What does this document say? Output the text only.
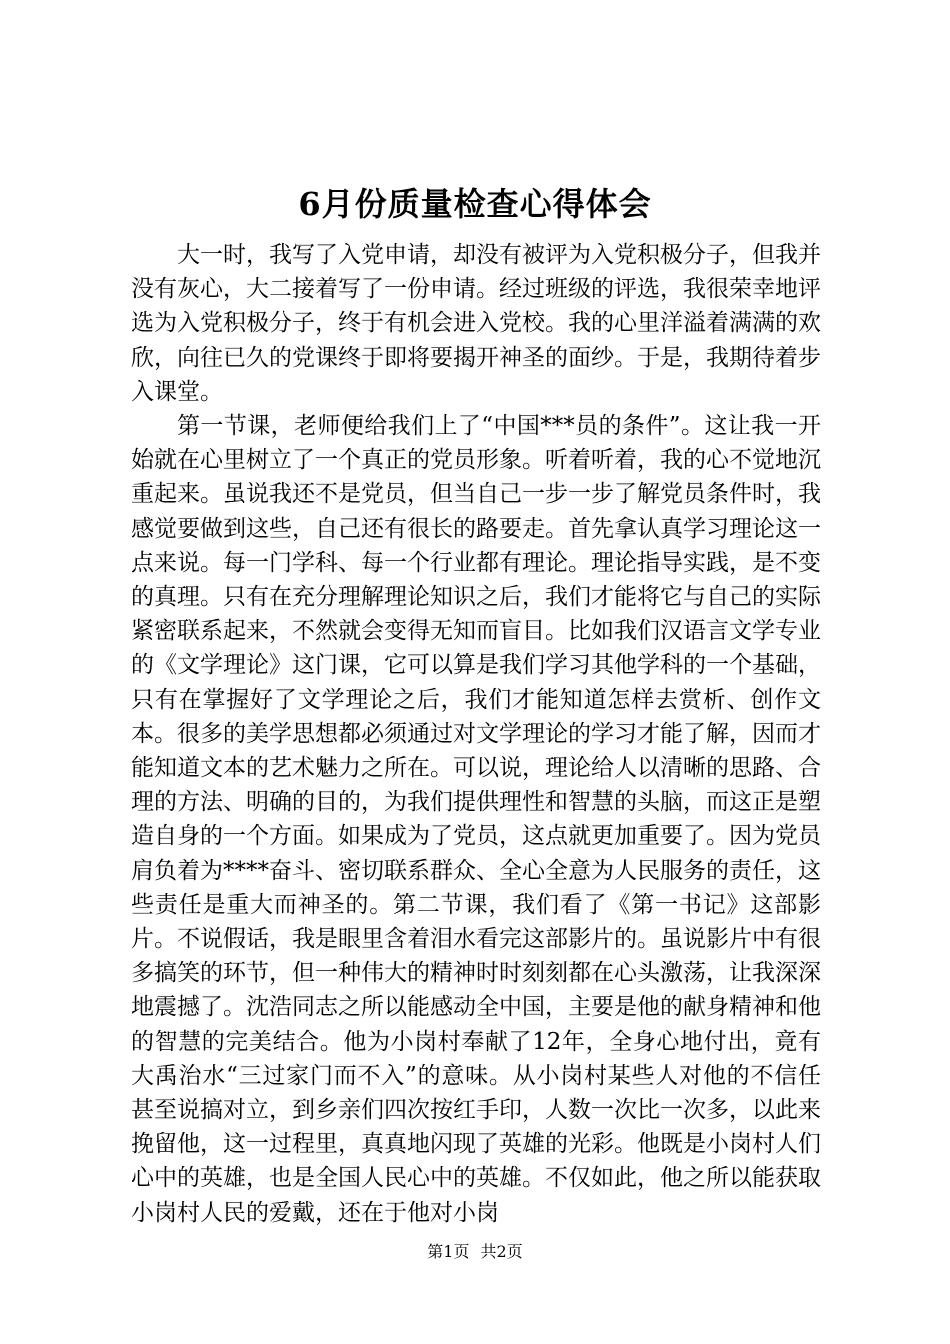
6月份质量检查心得体会

大一时，我写了入党申请，却没有被评为入党积极分子，但我并没有灰心，大二接着写了一份申请。经过班级的评选，我很荣幸地评选为入党积极分子，终于有机会进入党校。我的心里洋溢着满满的欢欣，向往已久的党课终于即将要揭开神圣的面纱。于是，我期待着步入课堂。

第一节课，老师便给我们上了“中国***员的条件”。这让我一开始就在心里树立了一个真正的党员形象。听着听着，我的心不觉地沉重起来。虽说我还不是党员，但当自己一步一步了解党员条件时，我感觉要做到这些，自己还有很长的路要走。首先拿认真学习理论这一点来说。每一门学科、每一个行业都有理论。理论指导实践，是不变的真理。只有在充分理解理论知识之后，我们才能将它与自己的实际紧密联系起来，不然就会变得无知而盲目。比如我们汉语言文学专业的《文学理论》这门课，它可以算是我们学习其他学科的一个基础，只有在掌握好了文学理论之后，我们才能知道怎样去赏析、创作文本。很多的美学思想都必须通过对文学理论的学习才能了解，因而才能知道文本的艺术魅力之所在。可以说，理论给人以清晰的思路、合理的方法、明确的目的，为我们提供理性和智慧的头脑，而这正是塑造自身的一个方面。如果成为了党员，这点就更加重要了。因为党员肩负着为****奋斗、密切联系群众、全心全意为人民服务的责任，这些责任是重大而神圣的。第二节课，我们看了《第一书记》这部影片。不说假话，我是眼里含着泪水看完这部影片的。虽说影片中有很多搞笑的环节，但一种伟大的精神时时刻刻都在心头激荡，让我深深地震撼了。沈浩同志之所以能感动全中国，主要是他的献身精神和他的智慧的完美结合。他为小岗村奉献了12年，全身心地付出，竟有大禹治水“三过家门而不入”的意味。从小岗村某些人对他的不信任甚至说搞对立，到乡亲们四次按红手印，人数一次比一次多，以此来挽留他，这一过程里，真真地闪现了英雄的光彩。他既是小岗村人们心中的英雄，也是全国人民心中的英雄。不仅如此，他之所以能获取小岗村人民的爱戴，还在于他对小岗

第1页 共2页
